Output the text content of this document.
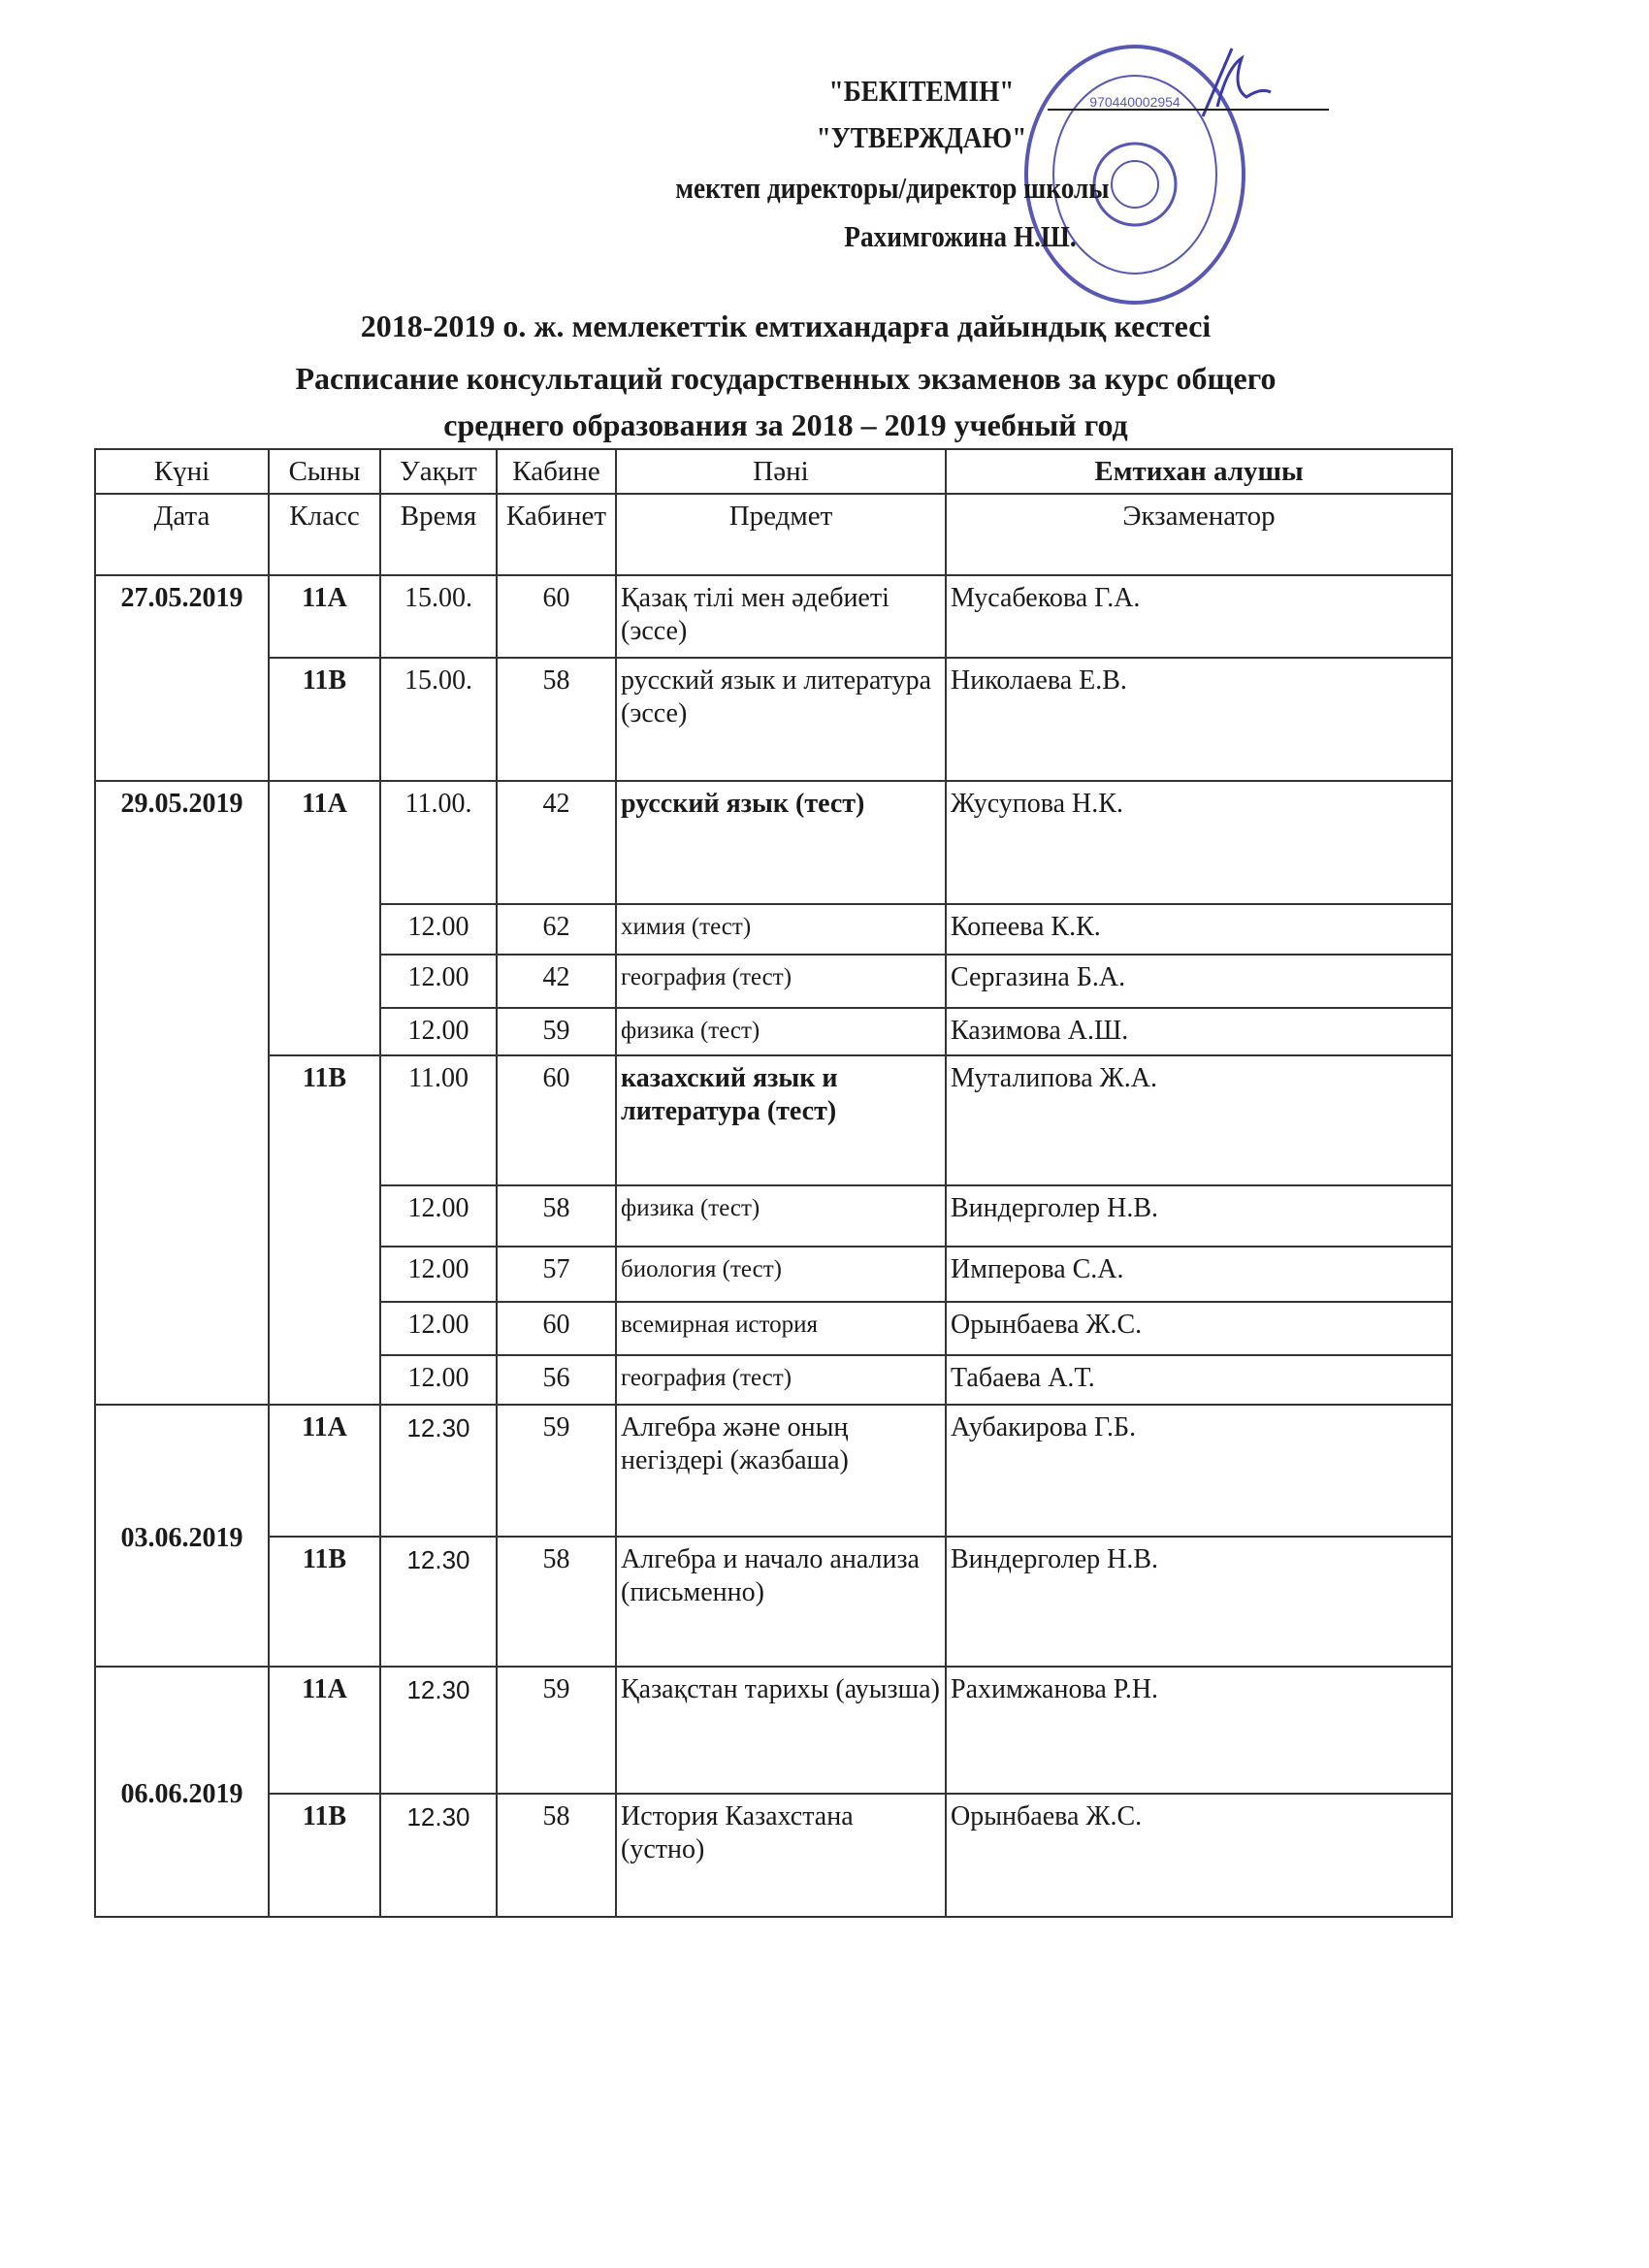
970440002954
"БЕКІТЕМІН"
"УТВЕРЖДАЮ"
мектеп директоры/директор школы
Рахимгожина Н.Ш.
2018-2019 о. ж. мемлекеттік емтихандарға дайындық кестесі
Расписание консультаций государственных экзаменов за курс общего
среднего образования за 2018 – 2019 учебный год
Күні	Сыны	Уақыт	Кабине	Пәні	Емтихан алушы
Дата	Класс	Время	Кабинет	Предмет	Экзаменатор
27.05.2019	11А	15.00.	60	Қазақ тілі мен әдебиеті (эссе)	Мусабекова Г.А.
	11В	15.00.	58	русский язык и литература (эссе)	Николаева Е.В.
29.05.2019	11А	11.00.	42	русский язык (тест)	Жусупова Н.К.
		12.00	62	химия (тест)	Копеева К.К.
		12.00	42	география (тест)	Сергазина Б.А.
		12.00	59	физика (тест)	Казимова А.Ш.
	11В	11.00	60	казахский язык и литература (тест)	Муталипова Ж.А.
		12.00	58	физика (тест)	Виндерголер Н.В.
		12.00	57	биология (тест)	Имперова С.А.
		12.00	60	всемирная история	Орынбаева Ж.С.
		12.00	56	география (тест)	Табаева А.Т.
03.06.2019	11А	12.30	59	Алгебра және оның негіздері (жазбаша)	Аубакирова Г.Б.
	11В	12.30	58	Алгебра и начало анализа (письменно)	Виндерголер Н.В.
06.06.2019	11А	12.30	59	Қазақстан тарихы (ауызша)	Рахимжанова Р.Н.
	11В	12.30	58	История Казахстана (устно)	Орынбаева Ж.С.
